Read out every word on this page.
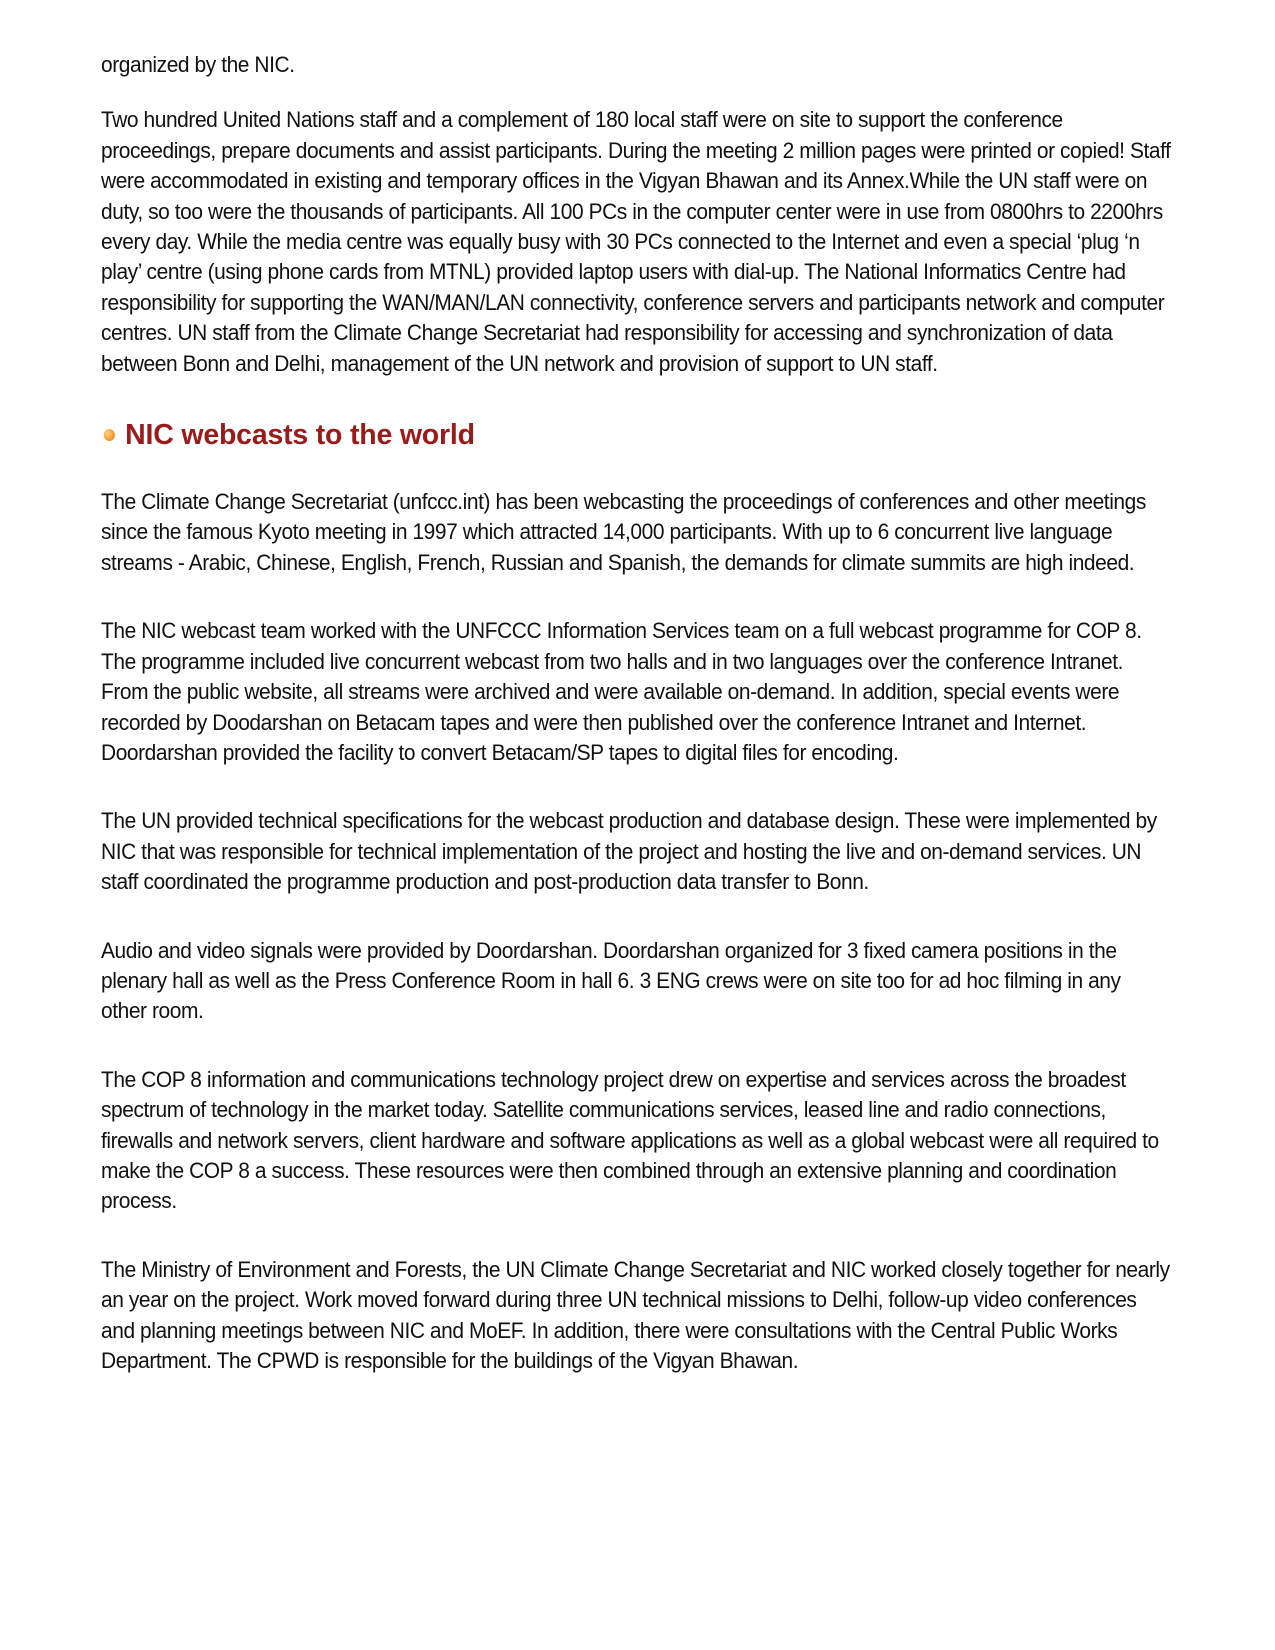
organized by the NIC.

Two hundred United Nations staff and a complement of 180 local staff were on site to support the conference proceedings, prepare documents and assist participants. During the meeting 2 million pages were printed or copied! Staff were accommodated in existing and temporary offices in the Vigyan Bhawan and its Annex.While the UN staff were on duty, so too were the thousands of participants. All 100 PCs in the computer center were in use from 0800hrs to 2200hrs every day. While the media centre was equally busy with 30 PCs connected to the Internet and even a special ‘plug ‘n play’ centre (using phone cards from MTNL) provided laptop users with dial-up. The National Informatics Centre had responsibility for supporting the WAN/MAN/LAN connectivity, conference servers and participants network and computer centres. UN staff from the Climate Change Secretariat had responsibility for accessing and synchronization of data between Bonn and Delhi, management of the UN network and provision of support to UN staff.

NIC webcasts to the world

The Climate Change Secretariat (unfccc.int) has been webcasting the proceedings of conferences and other meetings since the famous Kyoto meeting in 1997 which attracted 14,000 participants. With up to 6 concurrent live language streams - Arabic, Chinese, English, French, Russian and Spanish, the demands for climate summits are high indeed.

The NIC webcast team worked with the UNFCCC Information Services team on a full webcast programme for COP 8. The programme included live concurrent webcast from two halls and in two languages over the conference Intranet. From the public website, all streams were archived and were available on-demand. In addition, special events were recorded by Doodarshan on Betacam tapes and were then published over the conference Intranet and Internet. Doordarshan provided the facility to convert Betacam/SP tapes to digital files for encoding.

The UN provided technical specifications for the webcast production and database design. These were implemented by NIC that was responsible for technical implementation of the project and hosting the live and on-demand services. UN staff coordinated the programme production and post-production data transfer to Bonn.

Audio and video signals were provided by Doordarshan. Doordarshan organized for 3 fixed camera positions in the plenary hall as well as the Press Conference Room in hall 6. 3 ENG crews were on site too for ad hoc filming in any other room.

The COP 8 information and communications technology project drew on expertise and services across the broadest spectrum of technology in the market today. Satellite communications services, leased line and radio connections, firewalls and network servers, client hardware and software applications as well as a global webcast were all required to make the COP 8 a success. These resources were then combined through an extensive planning and coordination process.

The Ministry of Environment and Forests, the UN Climate Change Secretariat and NIC worked closely together for nearly an year on the project. Work moved forward during three UN technical missions to Delhi, follow-up video conferences and planning meetings between NIC and MoEF. In addition, there were consultations with the Central Public Works Department. The CPWD is responsible for the buildings of the Vigyan Bhawan.
